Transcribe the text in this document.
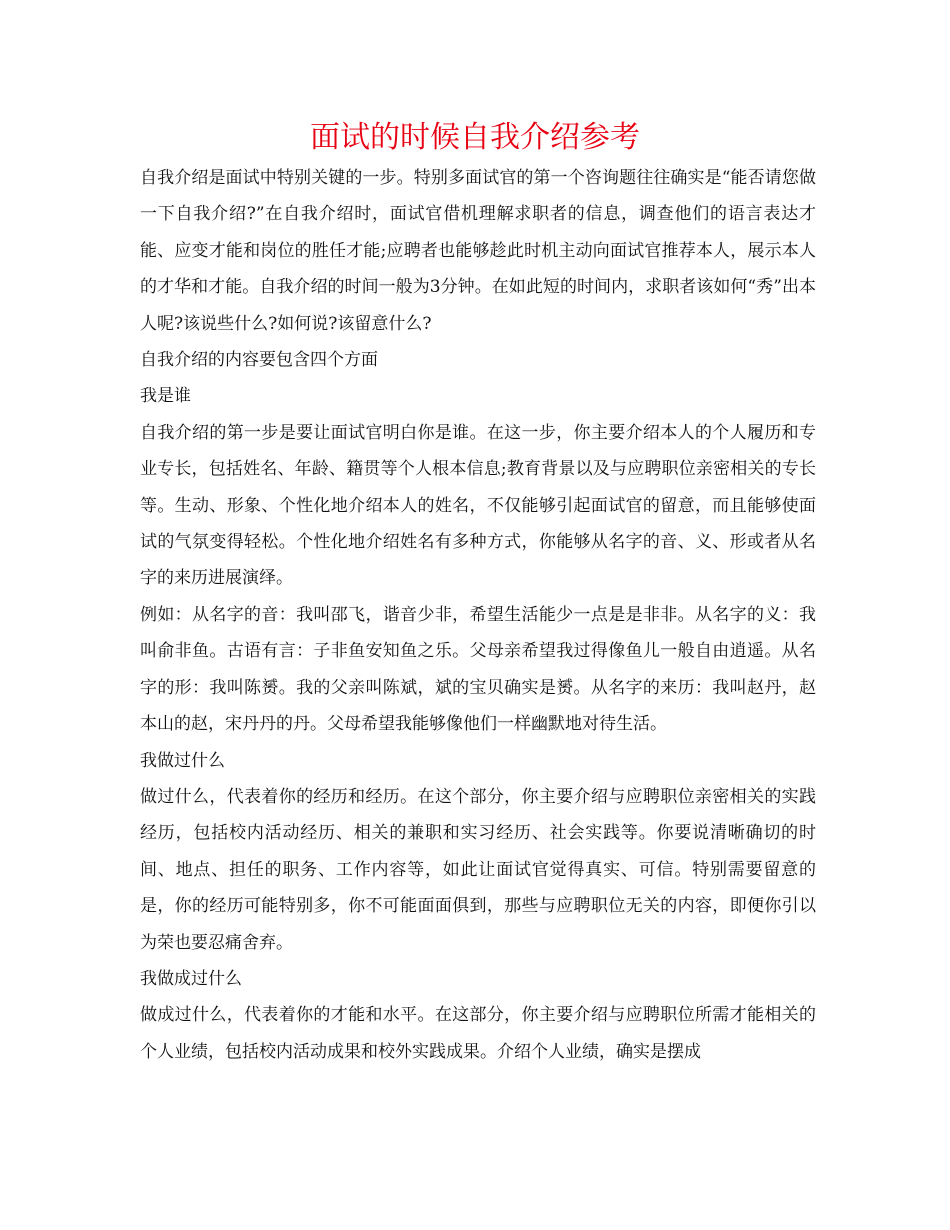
面试的时候自我介绍参考

自我介绍是面试中特别关键的一步。特别多面试官的第一个咨询题往往确实是“能否请您做一下自我介绍?”在自我介绍时，面试官借机理解求职者的信息，调查他们的语言表达才能、应变才能和岗位的胜任才能;应聘者也能够趁此时机主动向面试官推荐本人，展示本人的才华和才能。自我介绍的时间一般为3分钟。在如此短的时间内，求职者该如何“秀”出本人呢?该说些什么?如何说?该留意什么?

自我介绍的内容要包含四个方面

我是谁

自我介绍的第一步是要让面试官明白你是谁。在这一步，你主要介绍本人的个人履历和专业专长，包括姓名、年龄、籍贯等个人根本信息;教育背景以及与应聘职位亲密相关的专长等。生动、形象、个性化地介绍本人的姓名，不仅能够引起面试官的留意，而且能够使面试的气氛变得轻松。个性化地介绍姓名有多种方式，你能够从名字的音、义、形或者从名字的来历进展演绎。

例如：从名字的音：我叫邵飞，谐音少非，希望生活能少一点是是非非。从名字的义：我叫俞非鱼。古语有言：子非鱼安知鱼之乐。父母亲希望我过得像鱼儿一般自由逍遥。从名字的形：我叫陈赟。我的父亲叫陈斌，斌的宝贝确实是赟。从名字的来历：我叫赵丹，赵本山的赵，宋丹丹的丹。父母希望我能够像他们一样幽默地对待生活。

我做过什么

做过什么，代表着你的经历和经历。在这个部分，你主要介绍与应聘职位亲密相关的实践经历，包括校内活动经历、相关的兼职和实习经历、社会实践等。你要说清晰确切的时间、地点、担任的职务、工作内容等，如此让面试官觉得真实、可信。特别需要留意的是，你的经历可能特别多，你不可能面面俱到，那些与应聘职位无关的内容，即便你引以为荣也要忍痛舍弃。

我做成过什么

做成过什么，代表着你的才能和水平。在这部分，你主要介绍与应聘职位所需才能相关的个人业绩，包括校内活动成果和校外实践成果。介绍个人业绩，确实是摆成
